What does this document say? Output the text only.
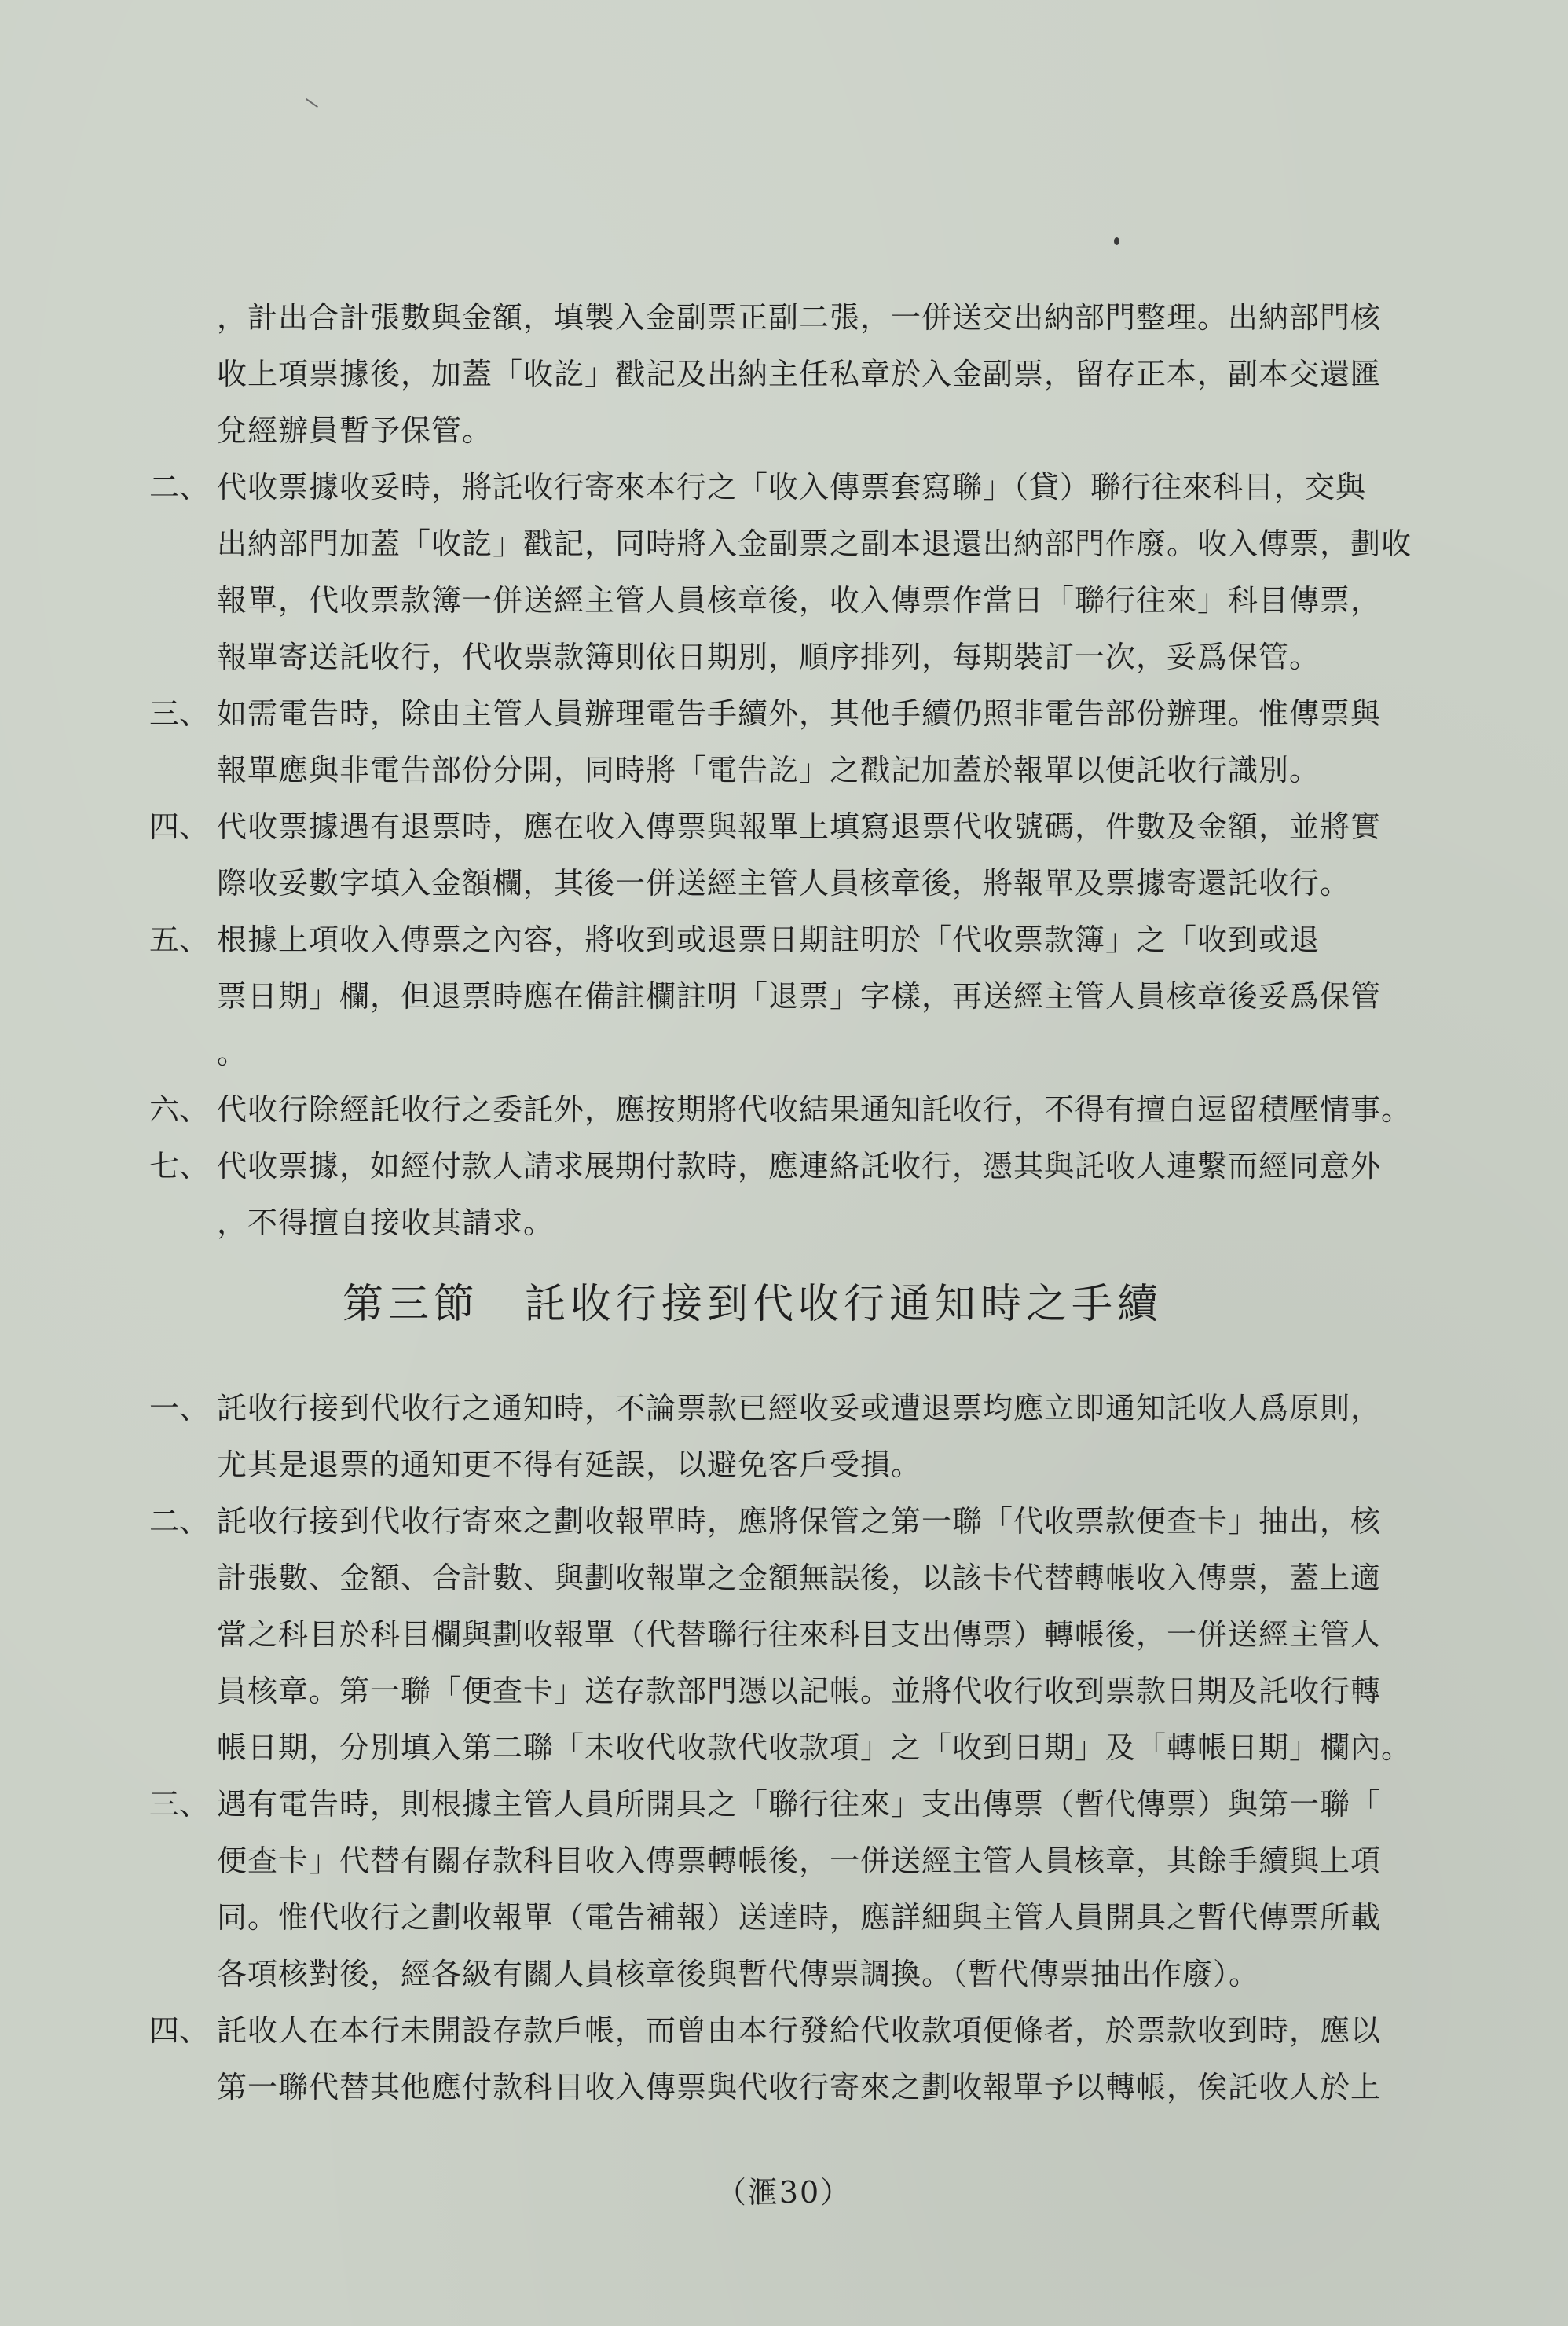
，計出合計張數與金額，填製入金副票正副二張，一併送交出納部門整理。出納部門核
收上項票據後，加蓋「收訖」戳記及出納主任私章於入金副票，留存正本，副本交還匯
兌經辦員暫予保管。
二、 代收票據收妥時，將託收行寄來本行之「收入傳票套寫聯」（貸）聯行往來科目，交與
出納部門加蓋「收訖」戳記，同時將入金副票之副本退還出納部門作廢。收入傳票，劃收
報單，代收票款簿一併送經主管人員核章後，收入傳票作當日「聯行往來」科目傳票，
報單寄送託收行，代收票款簿則依日期別，順序排列，每期裝訂一次，妥爲保管。
三、 如需電告時，除由主管人員辦理電告手續外，其他手續仍照非電告部份辦理。惟傳票與
報單應與非電告部份分開，同時將「電告訖」之戳記加蓋於報單以便託收行識別。
四、 代收票據遇有退票時，應在收入傳票與報單上填寫退票代收號碼，件數及金額，並將實
際收妥數字填入金額欄，其後一併送經主管人員核章後，將報單及票據寄還託收行。
五、 根據上項收入傳票之內容，將收到或退票日期註明於「代收票款簿」之「收到或退
票日期」欄，但退票時應在備註欄註明「退票」字樣，再送經主管人員核章後妥爲保管
。
六、 代收行除經託收行之委託外，應按期將代收結果通知託收行，不得有擅自逗留積壓情事。
七、 代收票據，如經付款人請求展期付款時，應連絡託收行，憑其與託收人連繫而經同意外
，不得擅自接收其請求。
第三節 託收行接到代收行通知時之手續
一、 託收行接到代收行之通知時，不論票款已經收妥或遭退票均應立即通知託收人爲原則，
尤其是退票的通知更不得有延誤，以避免客戶受損。
二、 託收行接到代收行寄來之劃收報單時，應將保管之第一聯「代收票款便查卡」抽出，核
計張數、金額、合計數、與劃收報單之金額無誤後，以該卡代替轉帳收入傳票，蓋上適
當之科目於科目欄與劃收報單（代替聯行往來科目支出傳票）轉帳後，一併送經主管人
員核章。第一聯「便查卡」送存款部門憑以記帳。並將代收行收到票款日期及託收行轉
帳日期，分別填入第二聯「未收代收款代收款項」之「收到日期」及「轉帳日期」欄內。
三、 遇有電告時，則根據主管人員所開具之「聯行往來」支出傳票（暫代傳票）與第一聯「
便查卡」代替有關存款科目收入傳票轉帳後，一併送經主管人員核章，其餘手續與上項
同。惟代收行之劃收報單（電告補報）送達時，應詳細與主管人員開具之暫代傳票所載
各項核對後，經各級有關人員核章後與暫代傳票調換。（暫代傳票抽出作廢）。
四、 託收人在本行未開設存款戶帳，而曾由本行發給代收款項便條者，於票款收到時，應以
第一聯代替其他應付款科目收入傳票與代收行寄來之劃收報單予以轉帳，俟託收人於上
（滙30）
